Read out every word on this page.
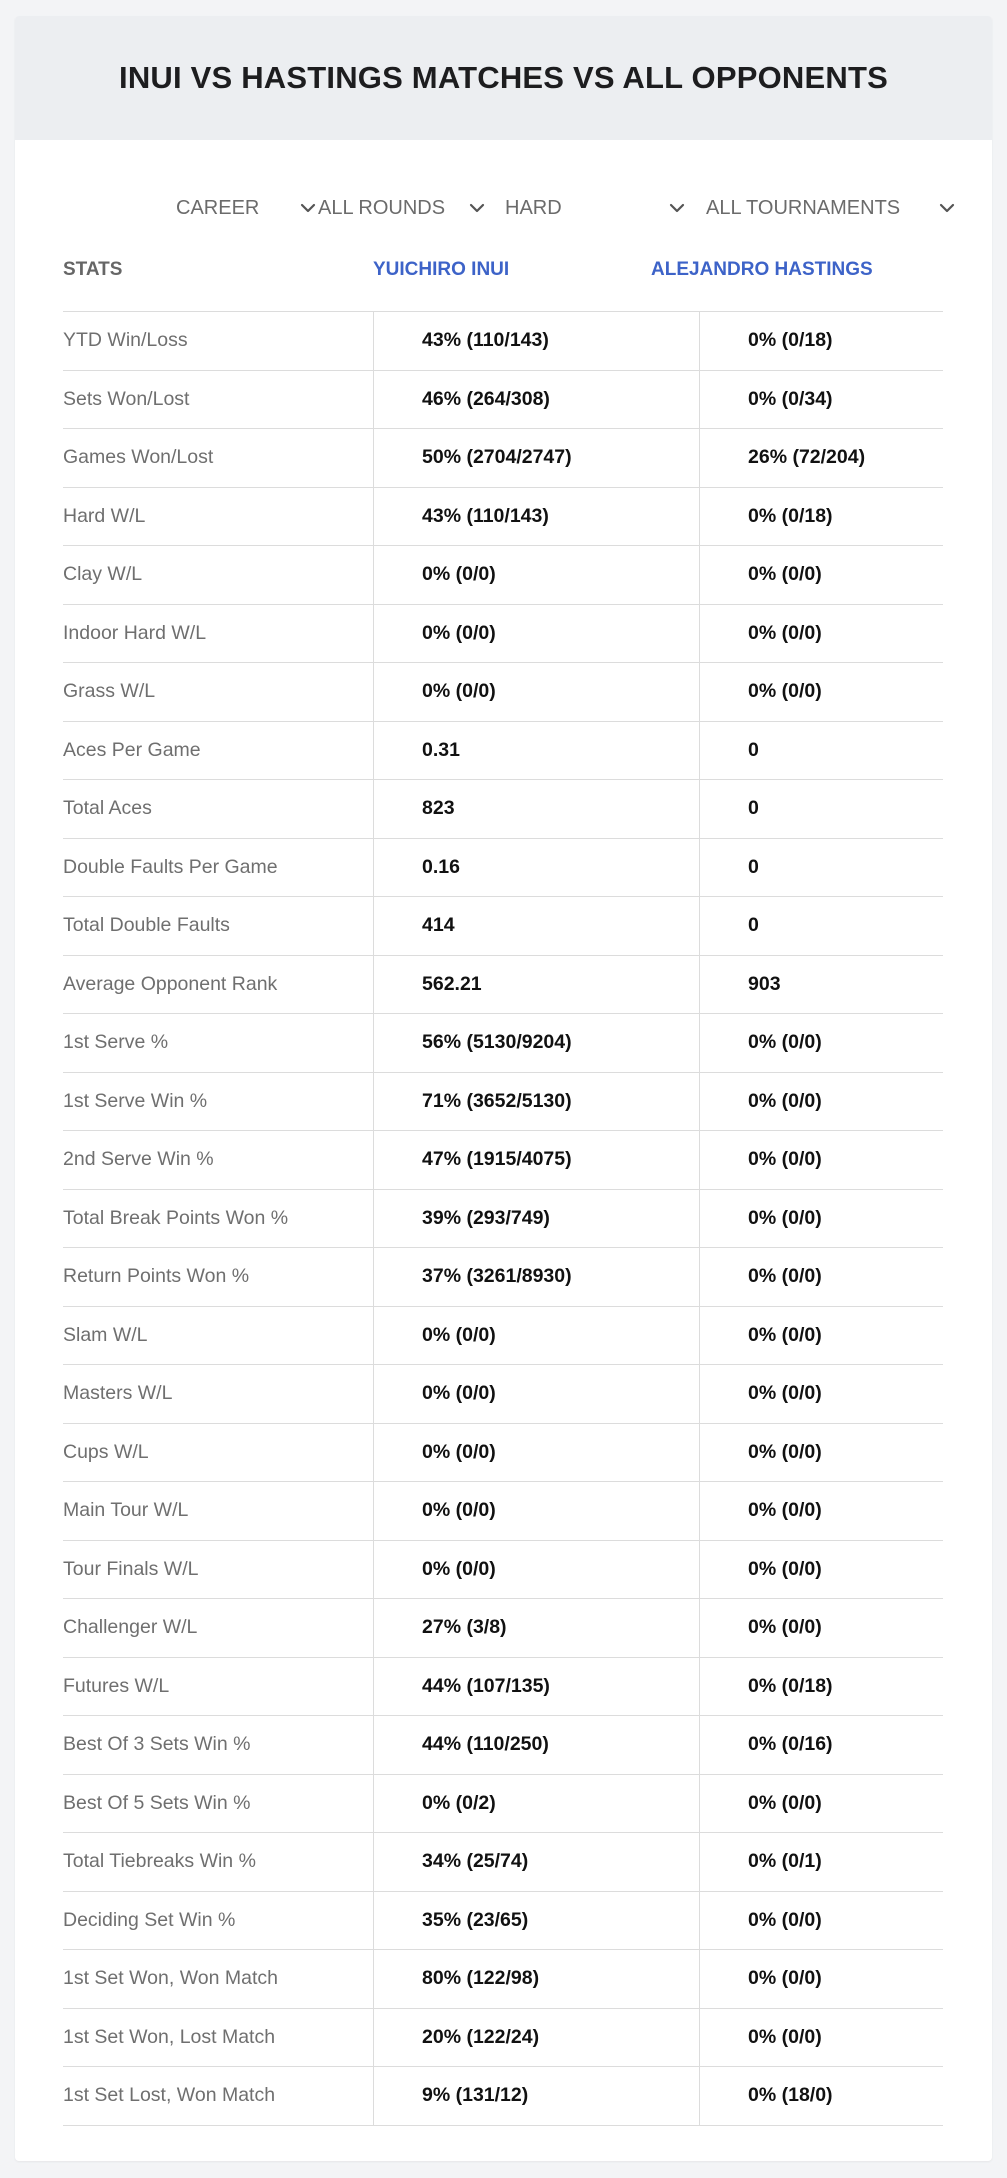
INUI VS HASTINGS MATCHES VS ALL OPPONENTS
CAREER	ALL ROUNDS	HARD	ALL TOURNAMENTS
STATS	YUICHIRO INUI	ALEJANDRO HASTINGS
YTD Win/Loss	43% (110/143)	0% (0/18)
Sets Won/Lost	46% (264/308)	0% (0/34)
Games Won/Lost	50% (2704/2747)	26% (72/204)
Hard W/L	43% (110/143)	0% (0/18)
Clay W/L	0% (0/0)	0% (0/0)
Indoor Hard W/L	0% (0/0)	0% (0/0)
Grass W/L	0% (0/0)	0% (0/0)
Aces Per Game	0.31	0
Total Aces	823	0
Double Faults Per Game	0.16	0
Total Double Faults	414	0
Average Opponent Rank	562.21	903
1st Serve %	56% (5130/9204)	0% (0/0)
1st Serve Win %	71% (3652/5130)	0% (0/0)
2nd Serve Win %	47% (1915/4075)	0% (0/0)
Total Break Points Won %	39% (293/749)	0% (0/0)
Return Points Won %	37% (3261/8930)	0% (0/0)
Slam W/L	0% (0/0)	0% (0/0)
Masters W/L	0% (0/0)	0% (0/0)
Cups W/L	0% (0/0)	0% (0/0)
Main Tour W/L	0% (0/0)	0% (0/0)
Tour Finals W/L	0% (0/0)	0% (0/0)
Challenger W/L	27% (3/8)	0% (0/0)
Futures W/L	44% (107/135)	0% (0/18)
Best Of 3 Sets Win %	44% (110/250)	0% (0/16)
Best Of 5 Sets Win %	0% (0/2)	0% (0/0)
Total Tiebreaks Win %	34% (25/74)	0% (0/1)
Deciding Set Win %	35% (23/65)	0% (0/0)
1st Set Won, Won Match	80% (122/98)	0% (0/0)
1st Set Won, Lost Match	20% (122/24)	0% (0/0)
1st Set Lost, Won Match	9% (131/12)	0% (18/0)
